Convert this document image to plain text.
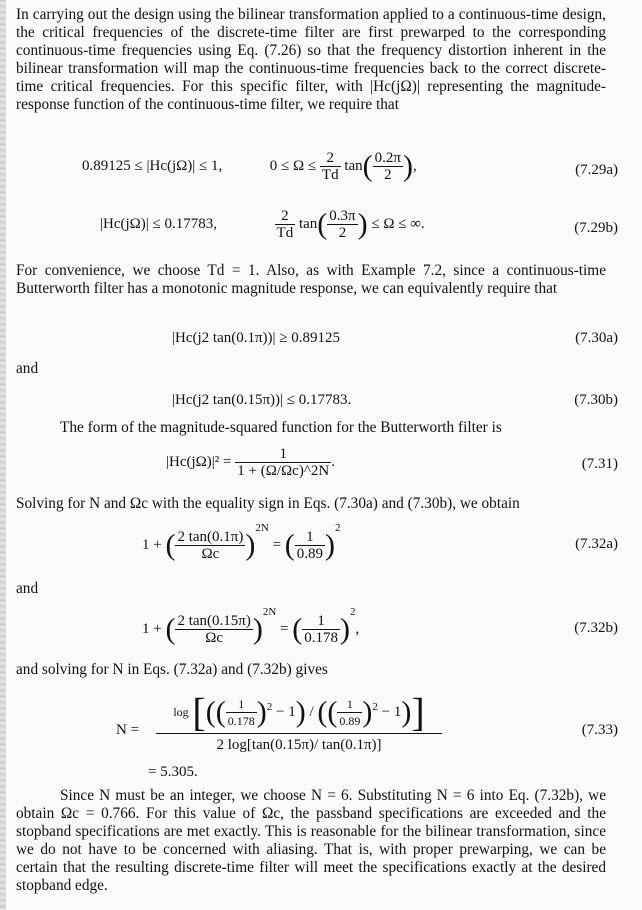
In carrying out the design using the bilinear transformation applied to a continuous-time design, the critical frequencies of the discrete-time filter are first prewarped to the corresponding continuous-time frequencies using Eq. (7.26) so that the frequency distortion inherent in the bilinear transformation will map the continuous-time frequencies back to the correct discrete-time critical frequencies. For this specific filter, with |Hc(jΩ)| representing the magnitude-response function of the continuous-time filter, we require that

0.89125 ≤ |Hc(jΩ)| ≤ 1,	$0 \le \Omega \le \frac{2}{Td} \tan( \frac{0.2\pi}{2}$ ),	(7.29a)
|Hc(jΩ)| ≤ 0.17783,	$\frac{2}{Td} \tan( \frac{0.3\pi}{2}$ ) ≤ Ω ≤ ∞.	(7.29b)

For convenience, we choose Td = 1. Also, as with Example 7.2, since a continuous-time Butterworth filter has a monotonic magnitude response, we can equivalently require that

|Hc(j2 tan(0.1π))| ≥ 0.89125	(7.30a)

and

|Hc(j2 tan(0.15π))| ≤ 0.17783.	(7.30b)

The form of the magnitude-squared function for the Butterworth filter is

$|Hc(j\Omega)|^2 = \frac{1}{1 + (\Omega/\Omega c)\^{}2N}$ .	(7.31)

Solving for N and Ωc with the equality sign in Eqs. (7.30a) and (7.30b), we obtain

1 + ( $\frac{2 \tan(0.1\pi)}{\Omega c} )^{2N}$ = ( $\frac{1}{0.89} )^2$
(7.32a)

and

1 + ( $\frac{2 \tan(0.15\pi)}{\Omega c} )^{2N}$ = ( $\frac{1}{0.178} )^2$,	(7.32b)

and solving for N in Eqs. (7.32a) and (7.32b) gives

$N = \frac{\log [(( \frac{1}{0.178} )^2 - 1) / (( \frac{1}{0.89} )^2 - 1)]}{2 \log[\tan(0.15\pi)/ \tan(0.1\pi)]}$	(7.33)
= 5.305.

Since N must be an integer, we choose N = 6. Substituting N = 6 into Eq. (7.32b), we obtain Ωc = 0.766. For this value of Ωc, the passband specifications are exceeded and the stopband specifications are met exactly. This is reasonable for the bilinear transformation, since we do not have to be concerned with aliasing. That is, with proper prewarping, we can be certain that the resulting discrete-time filter will meet the specifications exactly at the desired stopband edge.
